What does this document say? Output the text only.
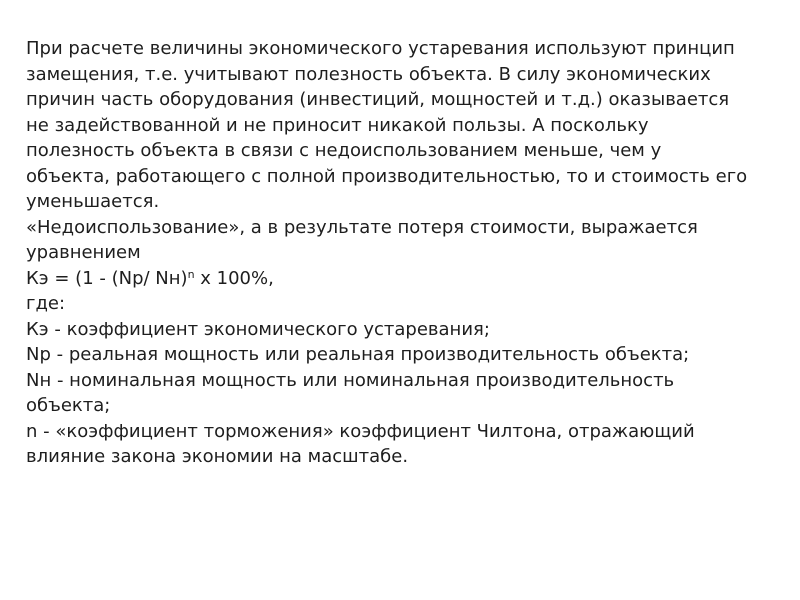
При расчете величины экономического устаревания используют принцип
замещения, т.е. учитывают полезность объекта. В силу экономических
причин часть оборудования (инвестиций, мощностей и т.д.) оказывается
не задействованной и не приносит никакой пользы. А поскольку
полезность объекта в связи с недоиспользованием меньше, чем у
объекта, работающего с полной производительностью, то и стоимость его
уменьшается.
«Недоиспользование», а в результате потеря стоимости, выражается
уравнением
Кэ = (1 - (Nр/ Nн)$^n$ х 100%,
где:
Кэ - коэффициент экономического устаревания;
Nр - реальная мощность или реальная производительность объекта;
Nн - номинальная мощность или номинальная производительность
объекта;
n - «коэффициент торможения» коэффициент Чилтона, отражающий
влияние закона экономии на масштабе.
